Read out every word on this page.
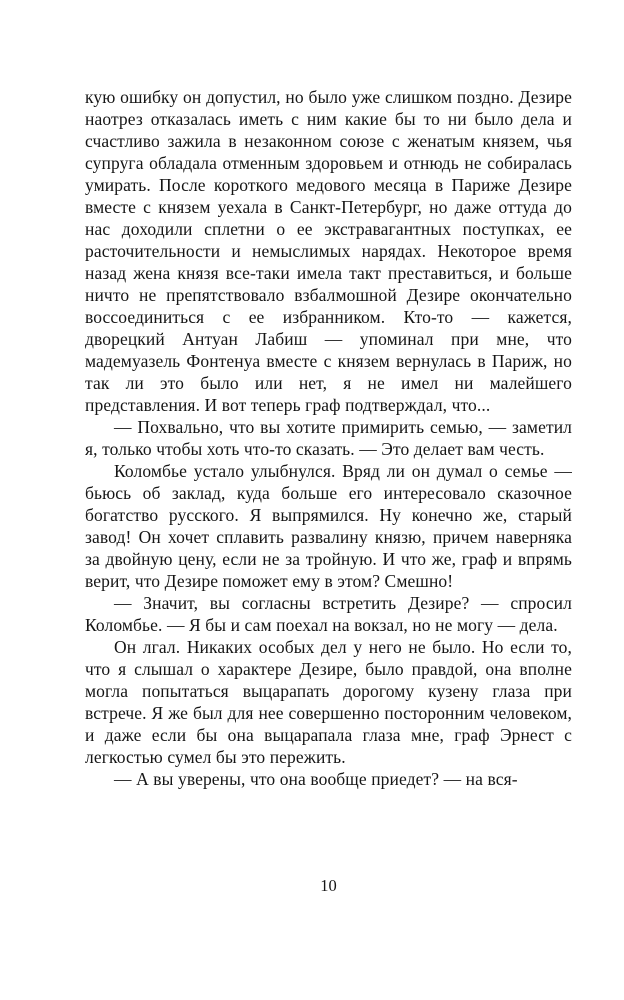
кую ошибку он допустил, но было уже слишком поздно. Дезире наотрез отказалась иметь с ним какие бы то ни было дела и счастливо зажила в незаконном союзе с женатым князем, чья супруга обладала отменным здоровьем и отнюдь не собиралась умирать. После короткого медового месяца в Париже Дезире вместе с князем уехала в Санкт-Петербург, но даже оттуда до нас доходили сплетни о ее экстравагантных поступках, ее расточительности и немыслимых нарядах. Некоторое время назад жена князя все-таки имела такт преставиться, и больше ничто не препятствовало взбалмошной Дезире окончательно воссоединиться с ее избранником. Кто-то — кажется, дворецкий Антуан Лабиш — упоминал при мне, что мадемуазель Фонтенуа вместе с князем вернулась в Париж, но так ли это было или нет, я не имел ни малейшего представления. И вот теперь граф подтверждал, что...

— Похвально, что вы хотите примирить семью, — заметил я, только чтобы хоть что-то сказать. — Это делает вам честь.

Коломбье устало улыбнулся. Вряд ли он думал о семье — бьюсь об заклад, куда больше его интересовало сказочное богатство русского. Я выпрямился. Ну конечно же, старый завод! Он хочет сплавить развалину князю, причем наверняка за двойную цену, если не за тройную. И что же, граф и впрямь верит, что Дезире поможет ему в этом? Смешно!

— Значит, вы согласны встретить Дезире? — спросил Коломбье. — Я бы и сам поехал на вокзал, но не могу — дела.

Он лгал. Никаких особых дел у него не было. Но если то, что я слышал о характере Дезире, было правдой, она вполне могла попытаться выцарапать дорогому кузену глаза при встрече. Я же был для нее совершенно посторонним человеком, и даже если бы она выцарапала глаза мне, граф Эрнест с легкостью сумел бы это пережить.

— А вы уверены, что она вообще приедет? — на вся-

10
